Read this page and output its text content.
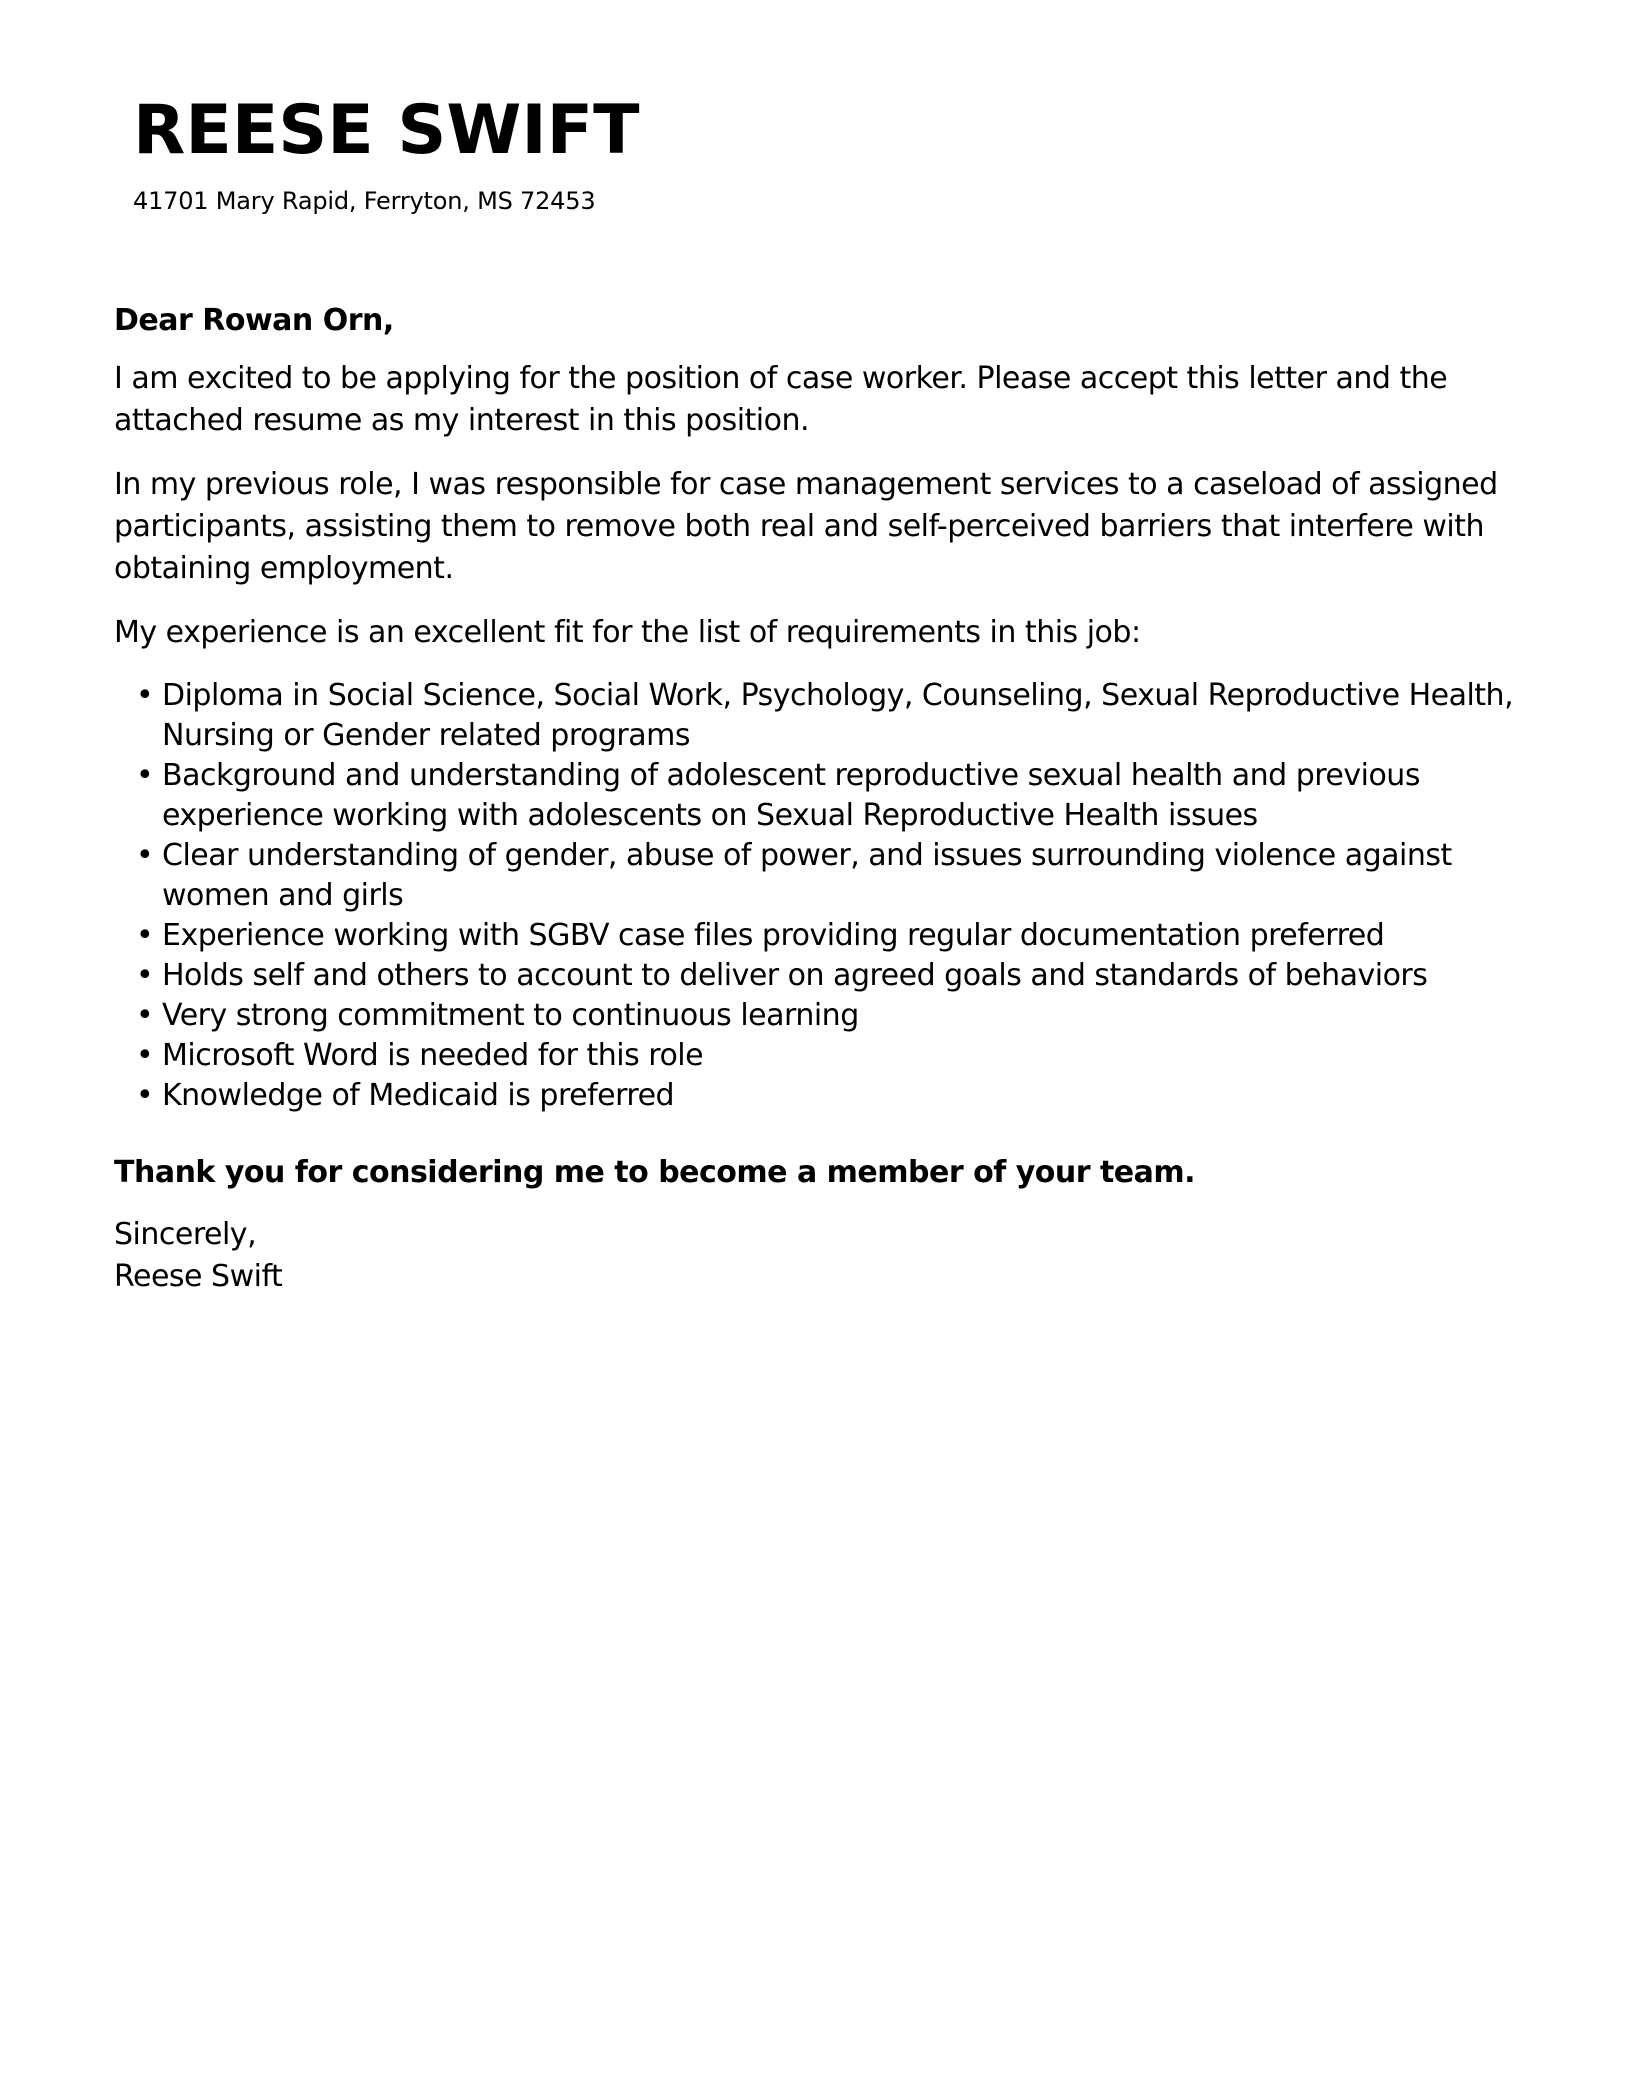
REESE SWIFT

41701 Mary Rapid, Ferryton, MS 72453

Dear Rowan Orn,

I am excited to be applying for the position of case worker. Please accept this letter and the attached resume as my interest in this position.

In my previous role, I was responsible for case management services to a caseload of assigned participants, assisting them to remove both real and self-perceived barriers that interfere with obtaining employment.

My experience is an excellent fit for the list of requirements in this job:

• Diploma in Social Science, Social Work, Psychology, Counseling, Sexual Reproductive Health, Nursing or Gender related programs
• Background and understanding of adolescent reproductive sexual health and previous experience working with adolescents on Sexual Reproductive Health issues
• Clear understanding of gender, abuse of power, and issues surrounding violence against women and girls
• Experience working with SGBV case files providing regular documentation preferred
• Holds self and others to account to deliver on agreed goals and standards of behaviors
• Very strong commitment to continuous learning
• Microsoft Word is needed for this role
• Knowledge of Medicaid is preferred

Thank you for considering me to become a member of your team.

Sincerely,

Reese Swift
